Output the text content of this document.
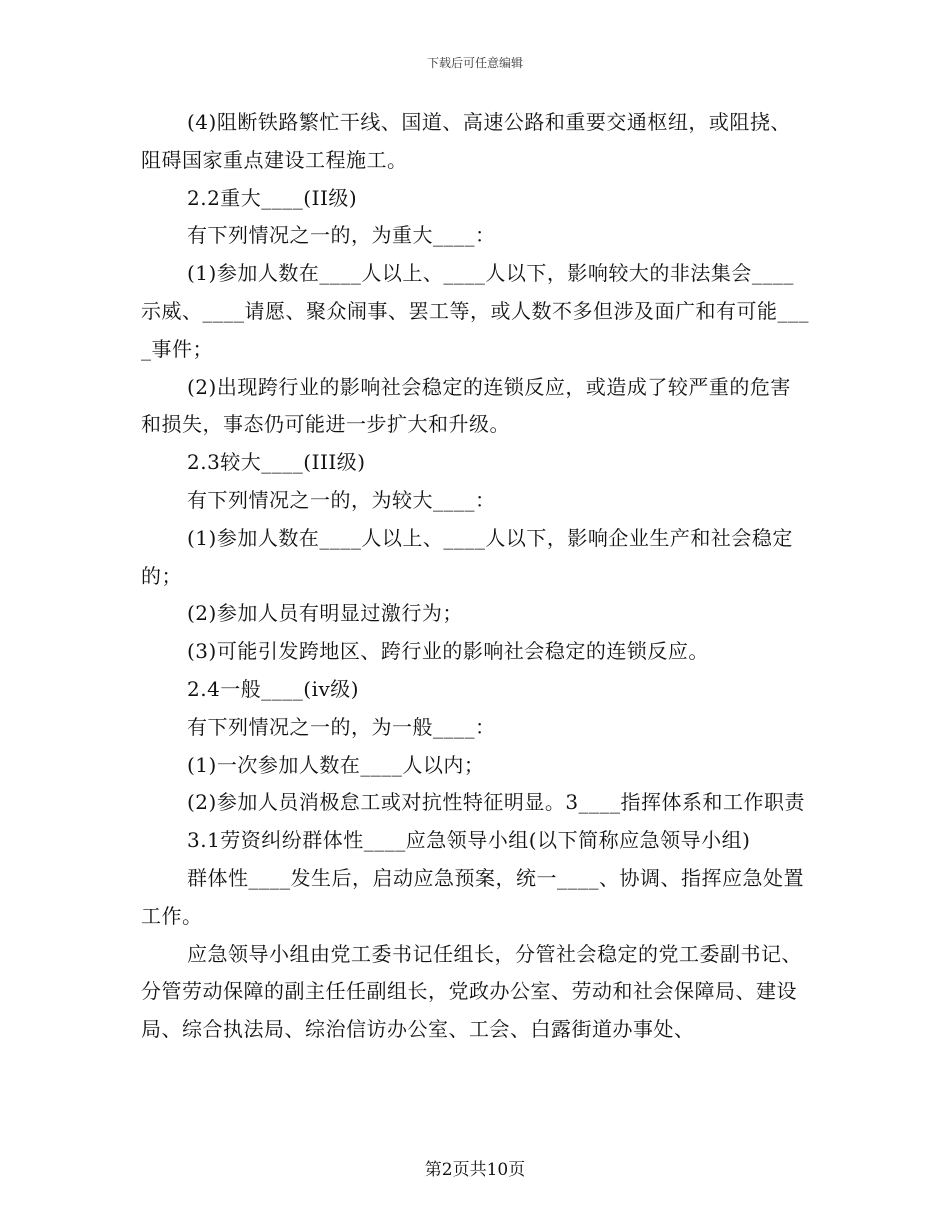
下载后可任意编辑

(4)阻断铁路繁忙干线、国道、高速公路和重要交通枢纽，或阻挠、阻碍国家重点建设工程施工。

2.2重大____(II级)

有下列情况之一的，为重大____：

(1)参加人数在____人以上、____人以下，影响较大的非法集会____示威、____请愿、聚众闹事、罢工等，或人数不多但涉及面广和有可能____事件；

(2)出现跨行业的影响社会稳定的连锁反应，或造成了较严重的危害和损失，事态仍可能进一步扩大和升级。

2.3较大____(III级)

有下列情况之一的，为较大____：

(1)参加人数在____人以上、____人以下，影响企业生产和社会稳定的；

(2)参加人员有明显过激行为；

(3)可能引发跨地区、跨行业的影响社会稳定的连锁反应。

2.4一般____(iv级)

有下列情况之一的，为一般____：

(1)一次参加人数在____人以内；

(2)参加人员消极怠工或对抗性特征明显。3____指挥体系和工作职责

3.1劳资纠纷群体性____应急领导小组(以下简称应急领导小组)

群体性____发生后，启动应急预案，统一____、协调、指挥应急处置工作。

应急领导小组由党工委书记任组长，分管社会稳定的党工委副书记、分管劳动保障的副主任任副组长，党政办公室、劳动和社会保障局、建设局、综合执法局、综治信访办公室、工会、白露街道办事处、

第2页共10页
